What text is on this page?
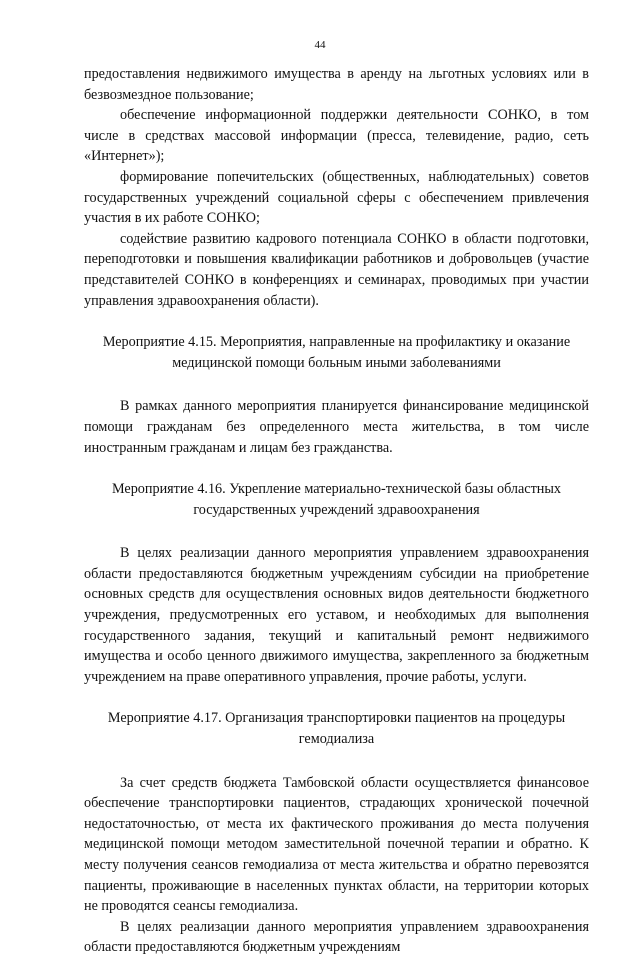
44

предоставления недвижимого имущества в аренду на льготных условиях или в безвозмездное пользование;

обеспечение информационной поддержки деятельности СОНКО, в том числе в средствах массовой информации (пресса, телевидение, радио, сеть «Интернет»);

формирование попечительских (общественных, наблюдательных) советов государственных учреждений социальной сферы с обеспечением привлечения участия в их работе СОНКО;

содействие развитию кадрового потенциала СОНКО в области подготовки, переподготовки и повышения квалификации работников и добровольцев (участие представителей СОНКО в конференциях и семинарах, проводимых при участии управления здравоохранения области).

Мероприятие 4.15. Мероприятия, направленные на профилактику и оказание медицинской помощи больным иными заболеваниями

В рамках данного мероприятия планируется финансирование медицинской помощи гражданам без определенного места жительства, в том числе иностранным гражданам и лицам без гражданства.

Мероприятие 4.16. Укрепление материально-технической базы областных государственных учреждений здравоохранения

В целях реализации данного мероприятия управлением здравоохранения области предоставляются бюджетным учреждениям субсидии на приобретение основных средств для осуществления основных видов деятельности бюджетного учреждения, предусмотренных его уставом, и необходимых для выполнения государственного задания, текущий и капитальный ремонт недвижимого имущества и особо ценного движимого имущества, закрепленного за бюджетным учреждением на праве оперативного управления, прочие работы, услуги.

Мероприятие 4.17. Организация транспортировки пациентов на процедуры гемодиализа

За счет средств бюджета Тамбовской области осуществляется финансовое обеспечение транспортировки пациентов, страдающих хронической почечной недостаточностью, от места их фактического проживания до места получения медицинской помощи методом заместительной почечной терапии и обратно. К месту получения сеансов гемодиализа от места жительства и обратно перевозятся пациенты, проживающие в населенных пунктах области, на территории которых не проводятся сеансы гемодиализа.

В целях реализации данного мероприятия управлением здравоохранения области предоставляются бюджетным учреждениям
